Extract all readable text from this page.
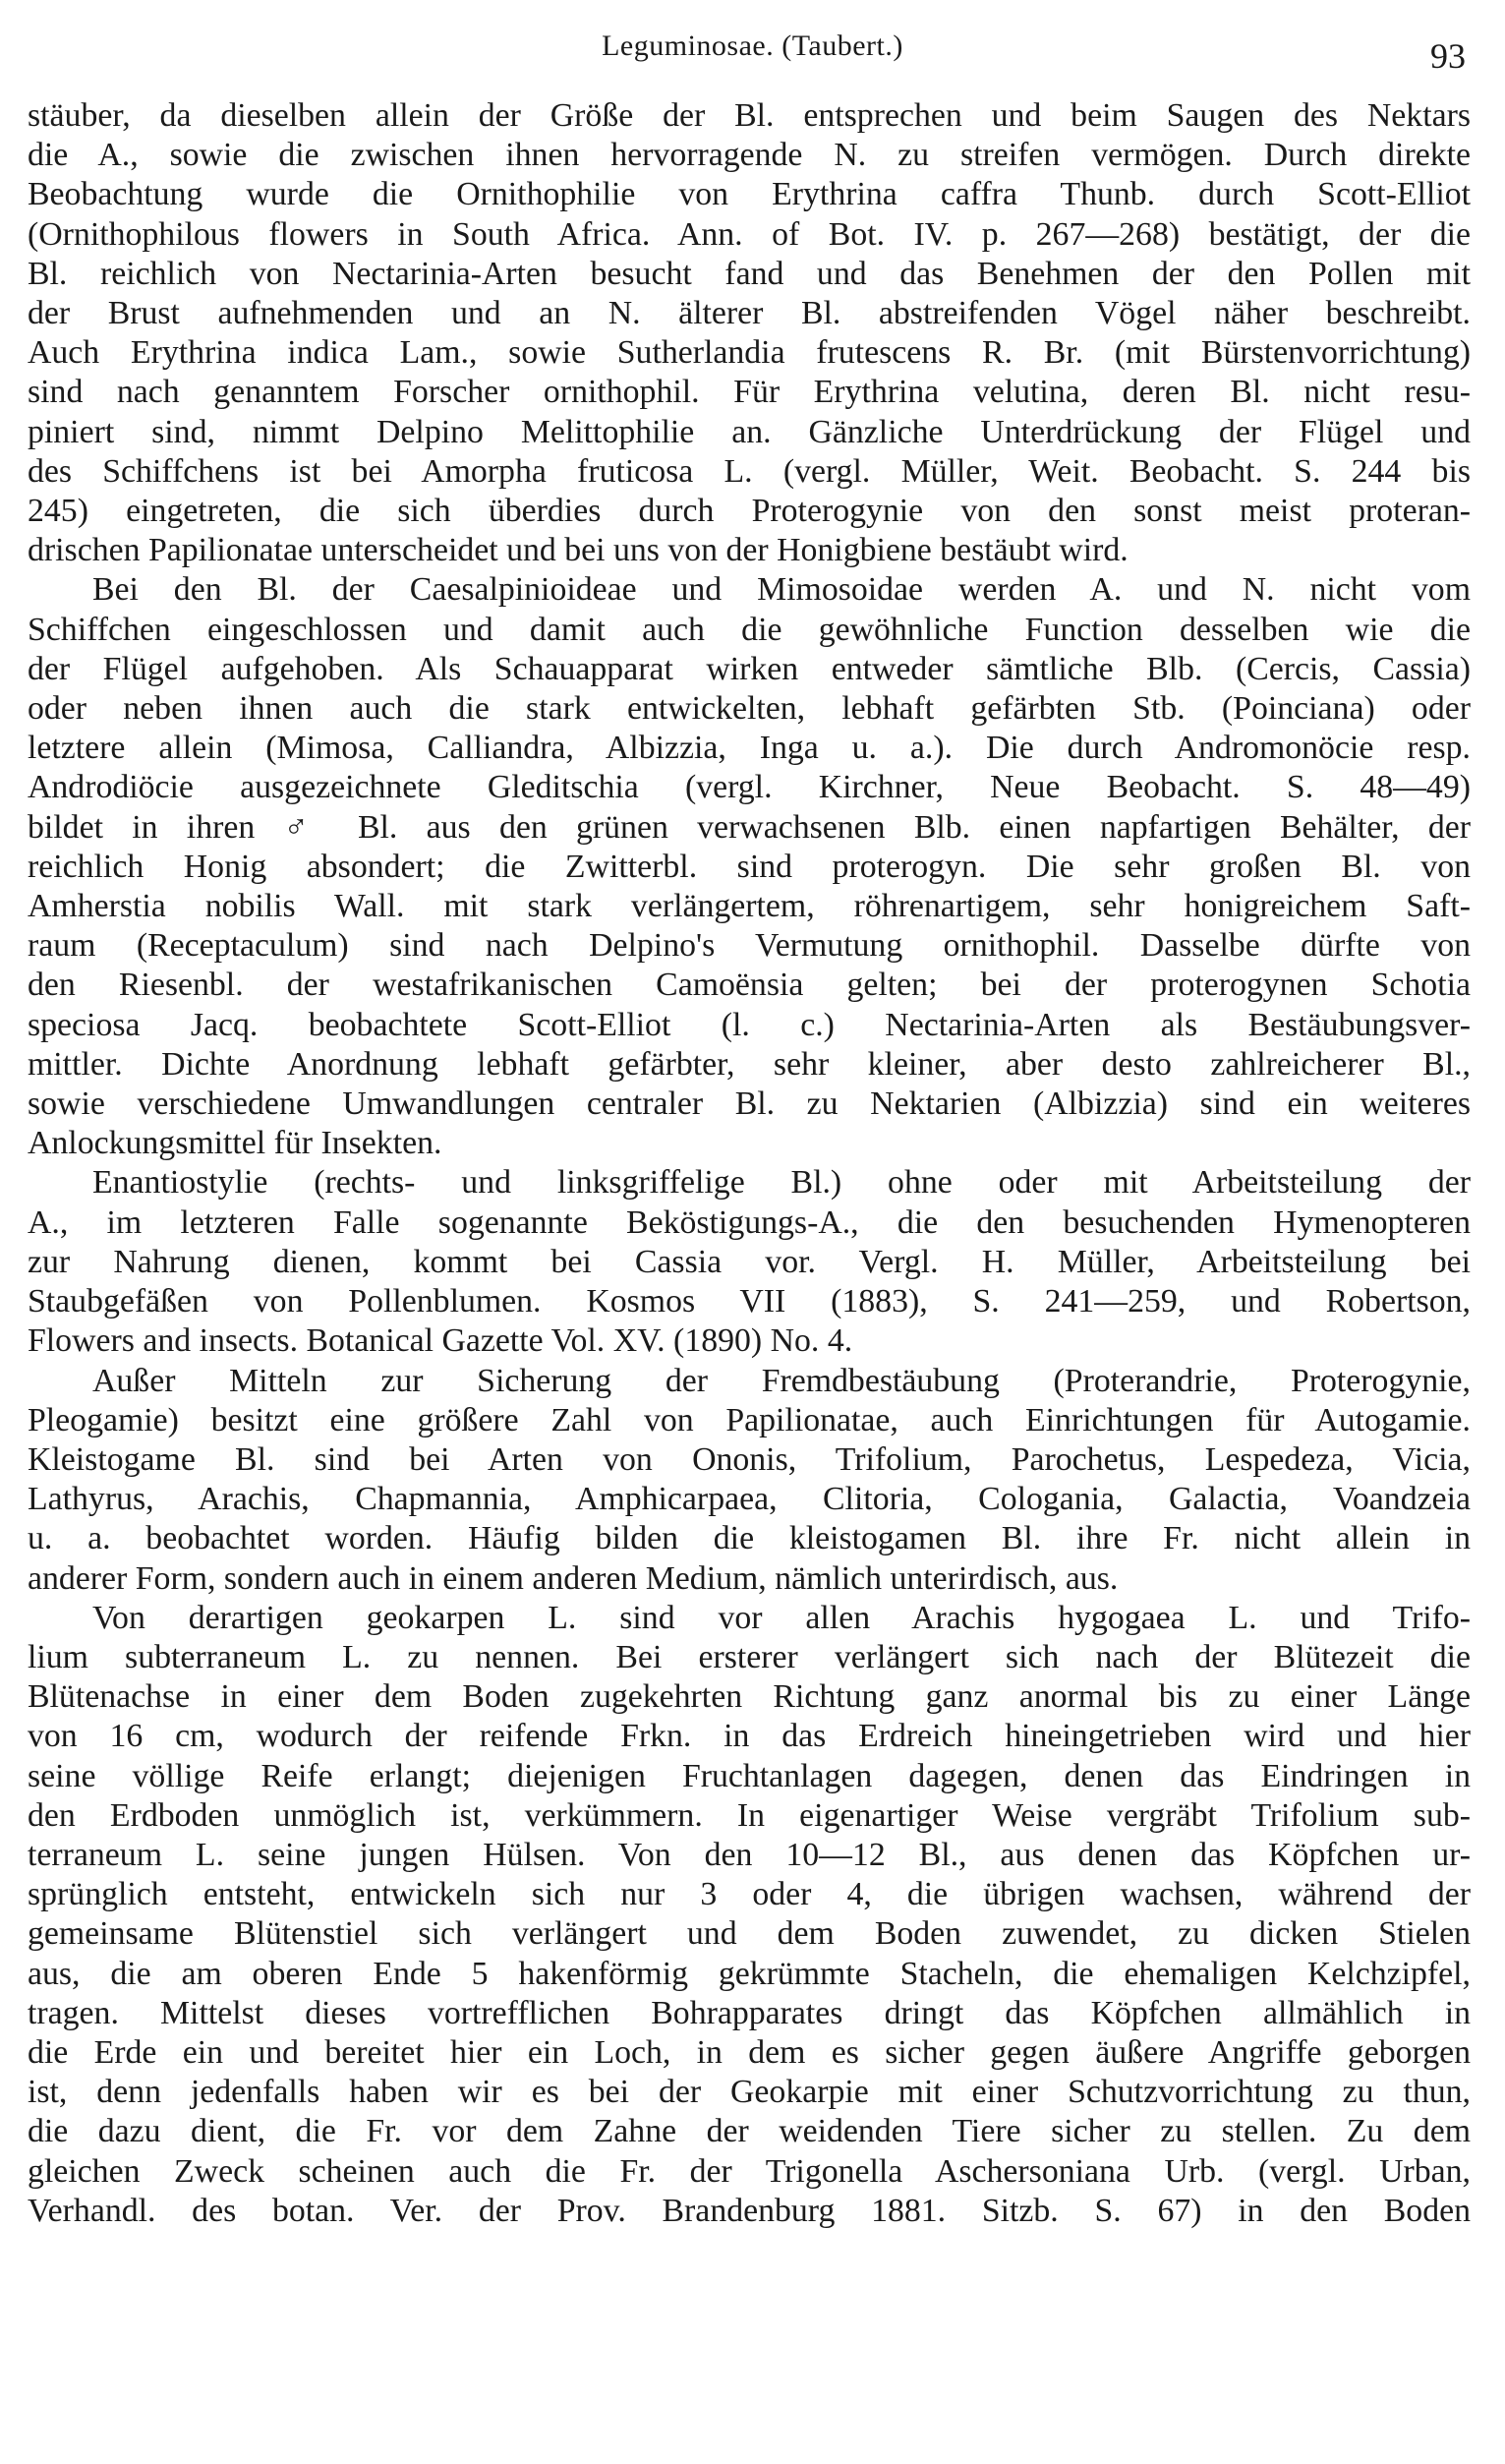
Leguminosae. (Taubert.)	93
stäuber, da dieselben allein der Größe der Bl. entsprechen und beim Saugen des Nektars
die A., sowie die zwischen ihnen hervorragende N. zu streifen vermögen. Durch direkte
Beobachtung wurde die Ornithophilie von Erythrina caffra Thunb. durch Scott-Elliot
(Ornithophilous flowers in South Africa. Ann. of Bot. IV. p. 267—268) bestätigt, der die
Bl. reichlich von Nectarinia-Arten besucht fand und das Benehmen der den Pollen mit
der Brust aufnehmenden und an N. älterer Bl. abstreifenden Vögel näher beschreibt.
Auch Erythrina indica Lam., sowie Sutherlandia frutescens R. Br. (mit Bürstenvorrichtung)
sind nach genanntem Forscher ornithophil. Für Erythrina velutina, deren Bl. nicht resu-
piniert sind, nimmt Delpino Melittophilie an. Gänzliche Unterdrückung der Flügel und
des Schiffchens ist bei Amorpha fruticosa L. (vergl. Müller, Weit. Beobacht. S. 244 bis
245) eingetreten, die sich überdies durch Proterogynie von den sonst meist proteran-
drischen Papilionatae unterscheidet und bei uns von der Honigbiene bestäubt wird.
Bei den Bl. der Caesalpinioideae und Mimosoidae werden A. und N. nicht vom
Schiffchen eingeschlossen und damit auch die gewöhnliche Function desselben wie die
der Flügel aufgehoben. Als Schauapparat wirken entweder sämtliche Blb. (Cercis, Cassia)
oder neben ihnen auch die stark entwickelten, lebhaft gefärbten Stb. (Poinciana) oder
letztere allein (Mimosa, Calliandra, Albizzia, Inga u. a.). Die durch Andromonöcie resp.
Androdiöcie ausgezeichnete Gleditschia (vergl. Kirchner, Neue Beobacht. S. 48—49)
bildet in ihren ♂ Bl. aus den grünen verwachsenen Blb. einen napfartigen Behälter, der
reichlich Honig absondert; die Zwitterbl. sind proterogyn. Die sehr großen Bl. von
Amherstia nobilis Wall. mit stark verlängertem, röhrenartigem, sehr honigreichem Saft-
raum (Receptaculum) sind nach Delpino's Vermutung ornithophil. Dasselbe dürfte von
den Riesenbl. der westafrikanischen Camoënsia gelten; bei der proterogynen Schotia
speciosa Jacq. beobachtete Scott-Elliot (l. c.) Nectarinia-Arten als Bestäubungsver-
mittler. Dichte Anordnung lebhaft gefärbter, sehr kleiner, aber desto zahlreicherer Bl.,
sowie verschiedene Umwandlungen centraler Bl. zu Nektarien (Albizzia) sind ein weiteres
Anlockungsmittel für Insekten.
Enantiostylie (rechts- und linksgriffelige Bl.) ohne oder mit Arbeitsteilung der
A., im letzteren Falle sogenannte Beköstigungs-A., die den besuchenden Hymenopteren
zur Nahrung dienen, kommt bei Cassia vor. Vergl. H. Müller, Arbeitsteilung bei
Staubgefäßen von Pollenblumen. Kosmos VII (1883), S. 241—259, und Robertson,
Flowers and insects. Botanical Gazette Vol. XV. (1890) No. 4.
Außer Mitteln zur Sicherung der Fremdbestäubung (Proterandrie, Proterogynie,
Pleogamie) besitzt eine größere Zahl von Papilionatae, auch Einrichtungen für Autogamie.
Kleistogame Bl. sind bei Arten von Ononis, Trifolium, Parochetus, Lespedeza, Vicia,
Lathyrus, Arachis, Chapmannia, Amphicarpaea, Clitoria, Cologania, Galactia, Voandzeia
u. a. beobachtet worden. Häufig bilden die kleistogamen Bl. ihre Fr. nicht allein in
anderer Form, sondern auch in einem anderen Medium, nämlich unterirdisch, aus.
Von derartigen geokarpen L. sind vor allen Arachis hygogaea L. und Trifo-
lium subterraneum L. zu nennen. Bei ersterer verlängert sich nach der Blütezeit die
Blütenachse in einer dem Boden zugekehrten Richtung ganz anormal bis zu einer Länge
von 16 cm, wodurch der reifende Frkn. in das Erdreich hineingetrieben wird und hier
seine völlige Reife erlangt; diejenigen Fruchtanlagen dagegen, denen das Eindringen in
den Erdboden unmöglich ist, verkümmern. In eigenartiger Weise vergräbt Trifolium sub-
terraneum L. seine jungen Hülsen. Von den 10—12 Bl., aus denen das Köpfchen ur-
sprünglich entsteht, entwickeln sich nur 3 oder 4, die übrigen wachsen, während der
gemeinsame Blütenstiel sich verlängert und dem Boden zuwendet, zu dicken Stielen
aus, die am oberen Ende 5 hakenförmig gekrümmte Stacheln, die ehemaligen Kelchzipfel,
tragen. Mittelst dieses vortrefflichen Bohrapparates dringt das Köpfchen allmählich in
die Erde ein und bereitet hier ein Loch, in dem es sicher gegen äußere Angriffe geborgen
ist, denn jedenfalls haben wir es bei der Geokarpie mit einer Schutzvorrichtung zu thun,
die dazu dient, die Fr. vor dem Zahne der weidenden Tiere sicher zu stellen. Zu dem
gleichen Zweck scheinen auch die Fr. der Trigonella Aschersoniana Urb. (vergl. Urban,
Verhandl. des botan. Ver. der Prov. Brandenburg 1881. Sitzb. S. 67) in den Boden
